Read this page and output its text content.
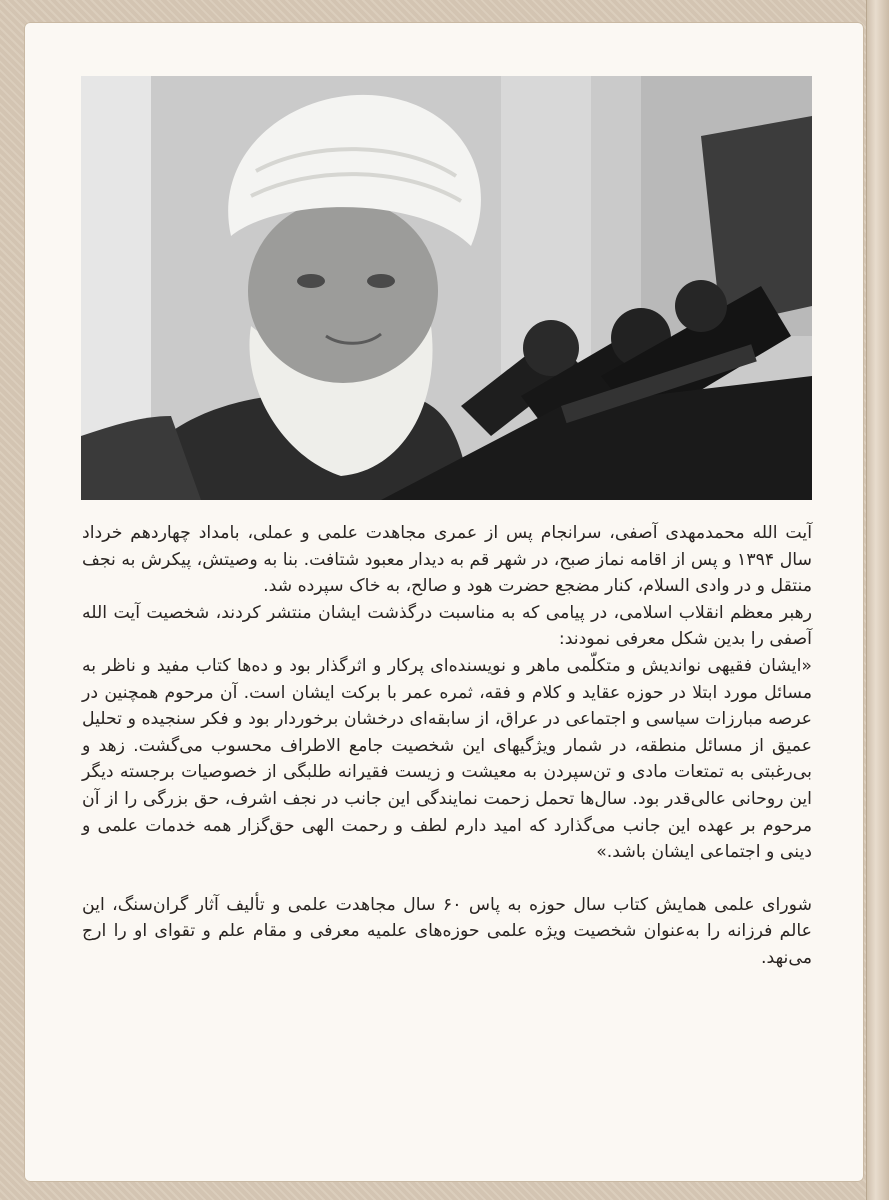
آیت الله محمدمهدی آصفی، سرانجام پس از عمری مجاهدت علمی و عملی، بامداد چهاردهم خرداد سال ۱۳۹۴ و پس از اقامه نماز صبح، در شهر قم به دیدار معبود شتافت. بنا به وصیتش، پیکرش به نجف منتقل و در وادی السلام، کنار مضجع حضرت هود و صالح، به خاک سپرده شد.

رهبر معظم انقلاب اسلامی، در پیامی که به مناسبت درگذشت ایشان منتشر کردند، شخصیت آیت الله آصفی را بدین شکل معرفی نمودند:

«ایشان فقیهی نواندیش و متکلّمی ماهر و نویسنده‌ای پرکار و اثرگذار بود و ده‌ها کتاب مفید و ناظر به مسائل مورد ابتلا در حوزه عقاید و کلام و فقه، ثمره عمر با برکت ایشان است. آن مرحوم همچنین در عرصه مبارزات سیاسی و اجتماعی در عراق، از سابقه‌ای درخشان برخوردار بود و فکر سنجیده و تحلیل عمیق از مسائل منطقه، در شمار ویژگیهای این شخصیت جامع الاطراف محسوب می‌گشت. زهد و بی‌رغبتی به تمتعات مادی و تن‌سپردن به معیشت و زیست فقیرانه طلبگی از خصوصیات برجسته دیگر این روحانی عالی‌قدر بود. سال‌ها تحمل زحمت نمایندگی این جانب در نجف اشرف، حق بزرگی را از آن مرحوم بر عهده این جانب می‌گذارد که امید دارم لطف و رحمت الهی حق‌گزار همه خدمات علمی و دینی و اجتماعی ایشان باشد.»

شورای علمی همایش کتاب سال حوزه به پاس ۶۰ سال مجاهدت علمی و تألیف آثار گران‌سنگ، این عالم فرزانه را به‌عنوان شخصیت ویژه علمی حوزه‌های علمیه معرفی و مقام علم و تقوای او را ارج می‌نهد.
